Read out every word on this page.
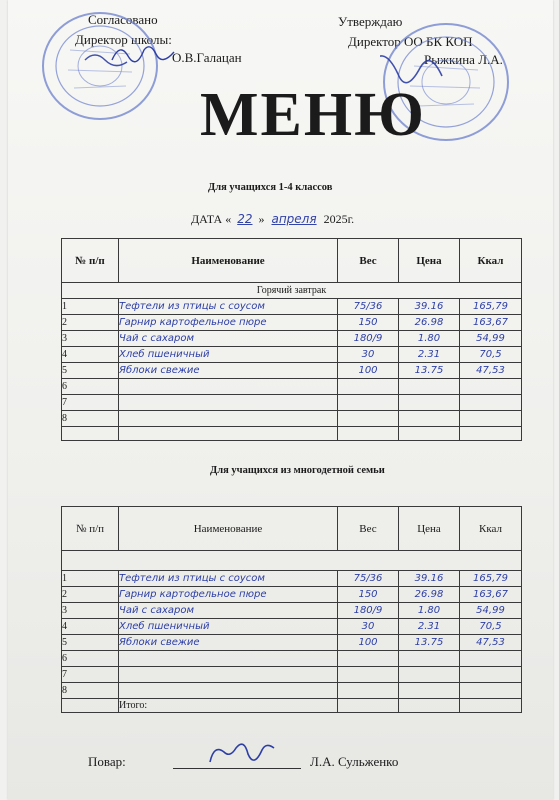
Согласовано
Директор школы:
О.В.Галацан
Утверждаю
Директор ОО БК КОП
Рыжкина Л.А.
МЕНЮ
Для учащихся 1-4 классов
ДАТА « 22 » апреля 2025г.
№ п/п	Наименование	Вес	Цена	Ккал
Горячий завтрак				
1	Тефтели из птицы с соусом	75/36	39.16	165,79
2	Гарнир картофельное пюре	150	26.98	163,67
3	Чай с сахаром	180/9	1.80	54,99
4	Хлеб пшеничный	30	2.31	70,5
5	Яблоки свежие	100	13.75	47,53
6				
7				
8				

Для учащихся из многодетной семьи
№ п/п	Наименование	Вес	Цена	Ккал

1	Тефтели из птицы с соусом	75/36	39.16	165,79
2	Гарнир картофельное пюре	150	26.98	163,67
3	Чай с сахаром	180/9	1.80	54,99
4	Хлеб пшеничный	30	2.31	70,5
5	Яблоки свежие	100	13.75	47,53
6				
7				
8				
	Итого:			
Повар:	Л.А. Сульженко
